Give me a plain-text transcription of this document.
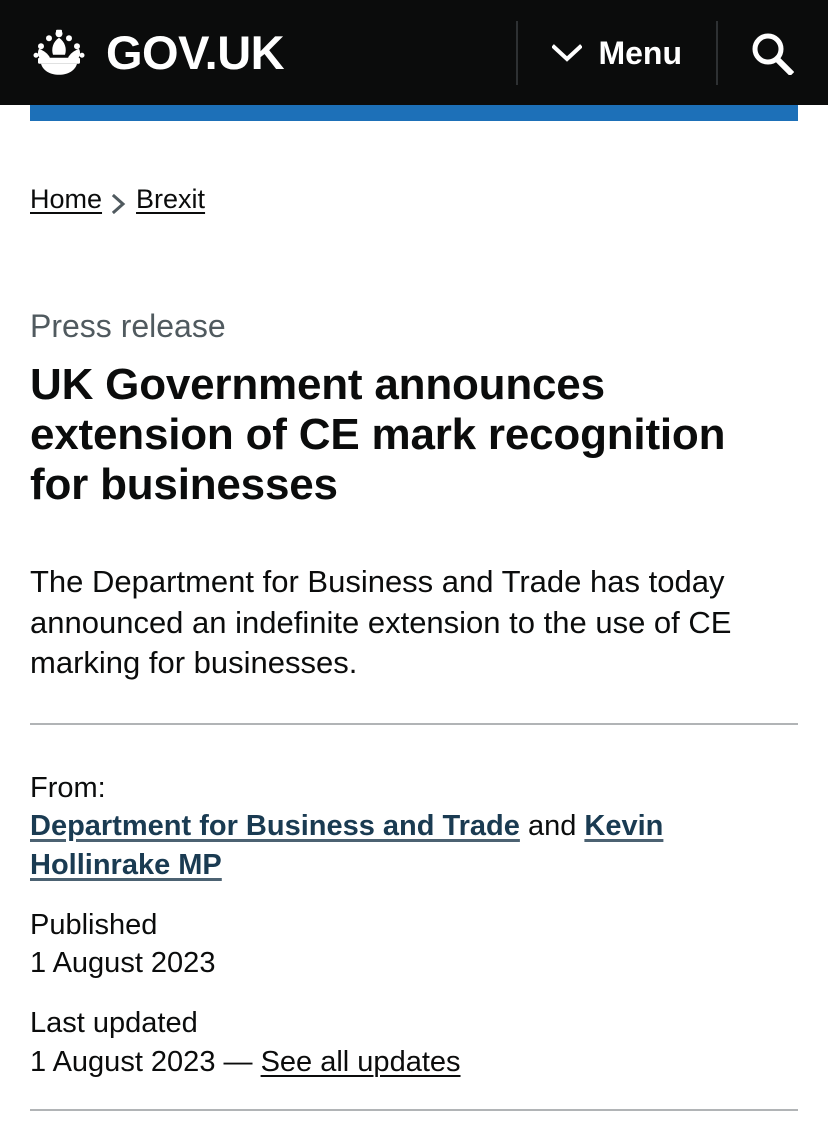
GOV.UK	Menu
Home Brexit
Press release
UK Government announces extension of CE mark recognition for businesses

The Department for Business and Trade has today announced an indefinite extension to the use of CE marking for businesses.

From:
Department for Business and Trade and Kevin Hollinrake MP
Published
1 August 2023
Last updated
1 August 2023 — See all updates
